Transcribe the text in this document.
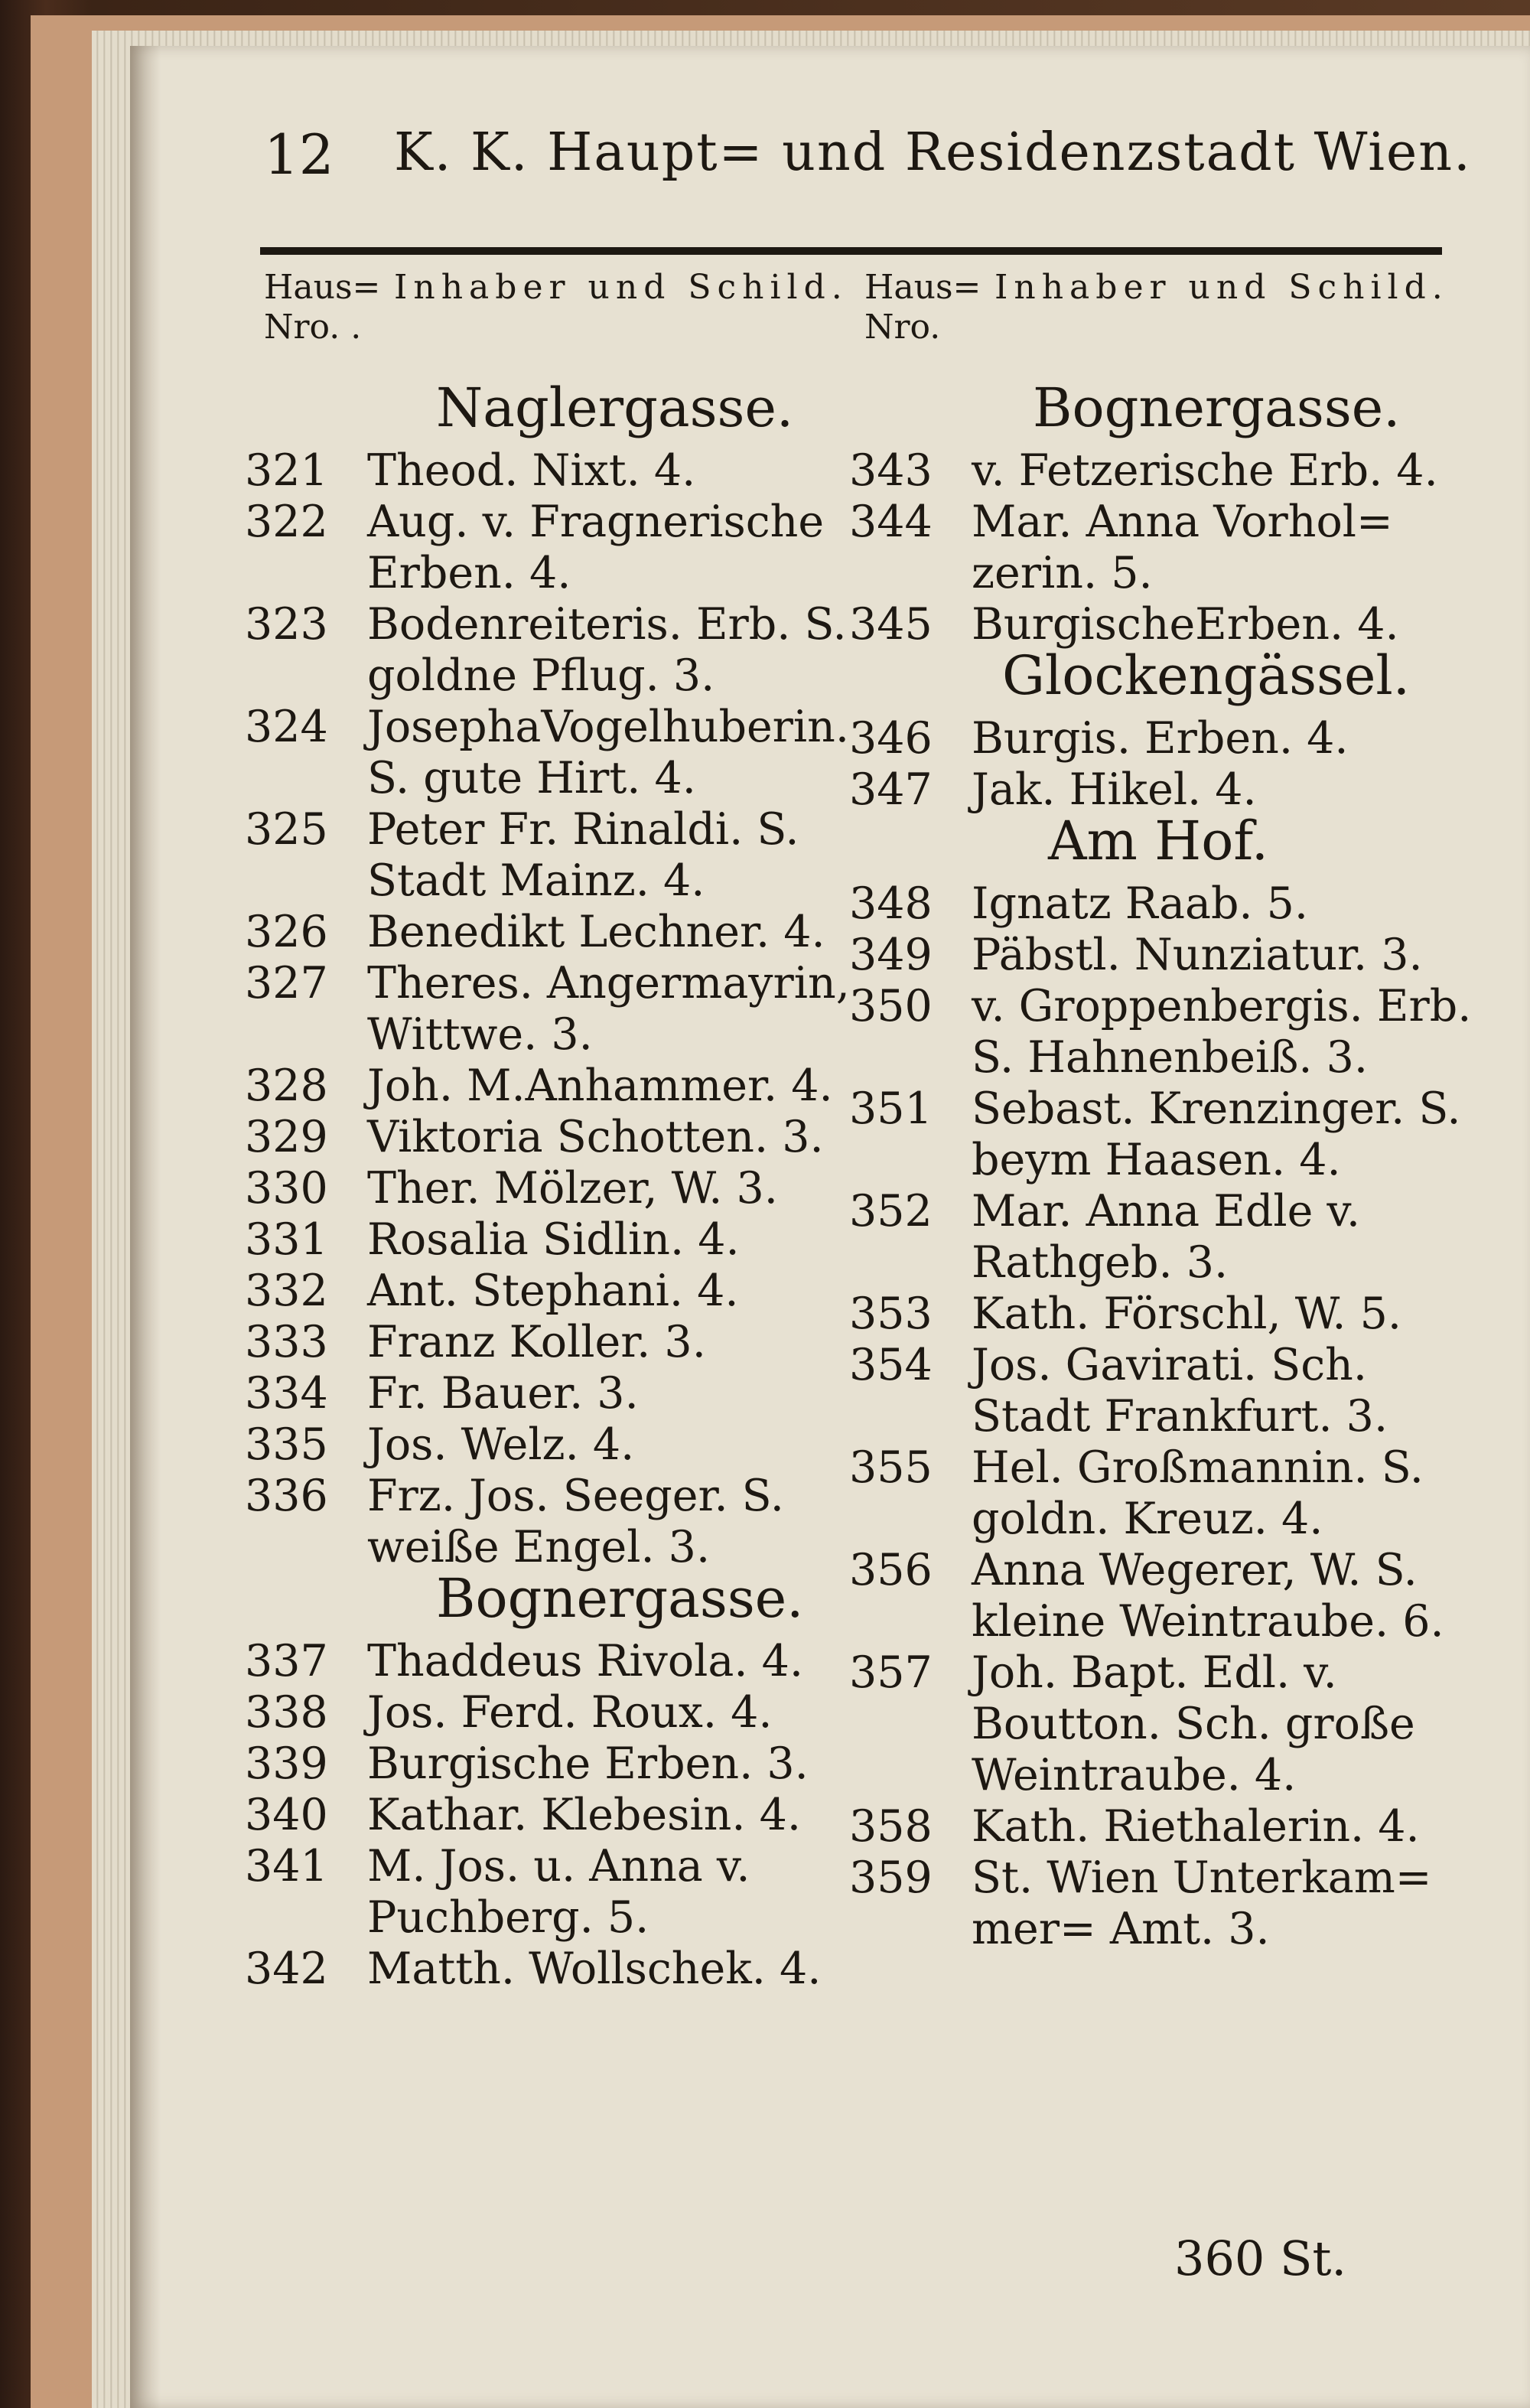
12 K. K. Haupt= und Residenzstadt Wien.
Haus= Nro. .
Inhaber und Schild. Haus= Nro.
Inhaber und Schild.
Naglergasse.
321 Theod. Nixt. 4.
322 Aug. v. Fragnerische
Erben. 4.
323 Bodenreiteris. Erb. S.
goldne Pflug. 3.
324 JosephaVogelhuberin.
S. gute Hirt. 4.
325 Peter Fr. Rinaldi. S.
Stadt Mainz. 4.
326 Benedikt Lechner. 4.
327 Theres. Angermayrin,
Wittwe. 3.
328 Joh. M.Anhammer. 4.
329 Viktoria Schotten. 3.
330 Ther. Mölzer, W. 3.
331 Rosalia Sidlin. 4.
332 Ant. Stephani. 4.
333 Franz Koller. 3.
334 Fr. Bauer. 3.
335 Jos. Welz. 4.
336 Frz. Jos. Seeger. S.
weiße Engel. 3.
Bognergasse.
337 Thaddeus Rivola. 4.
338 Jos. Ferd. Roux. 4.
339 Burgische Erben. 3.
340 Kathar. Klebesin. 4.
341 M. Jos. u. Anna v.
Puchberg. 5.
342 Matth. Wollschek. 4.
Bognergasse.
343 v. Fetzerische Erb. 4.
344 Mar. Anna Vorhol=
zerin. 5.
345 BurgischeErben. 4.
Glockengässel.
346 Burgis. Erben. 4.
347 Jak. Hikel. 4.
Am Hof.
348 Ignatz Raab. 5.
349 Päbstl. Nunziatur. 3.
350 v. Groppenbergis. Erb.
S. Hahnenbeiß. 3.
351 Sebast. Krenzinger. S.
beym Haasen. 4.
352 Mar. Anna Edle v.
Rathgeb. 3.
353 Kath. Förschl, W. 5.
354 Jos. Gavirati. Sch.
Stadt Frankfurt. 3.
355 Hel. Großmannin. S.
goldn. Kreuz. 4.
356 Anna Wegerer, W. S.
kleine Weintraube. 6.
357 Joh. Bapt. Edl. v.
Boutton. Sch. große
Weintraube. 4.
358 Kath. Riethalerin. 4.
359 St. Wien Unterkam=
mer= Amt. 3.
360 St.
